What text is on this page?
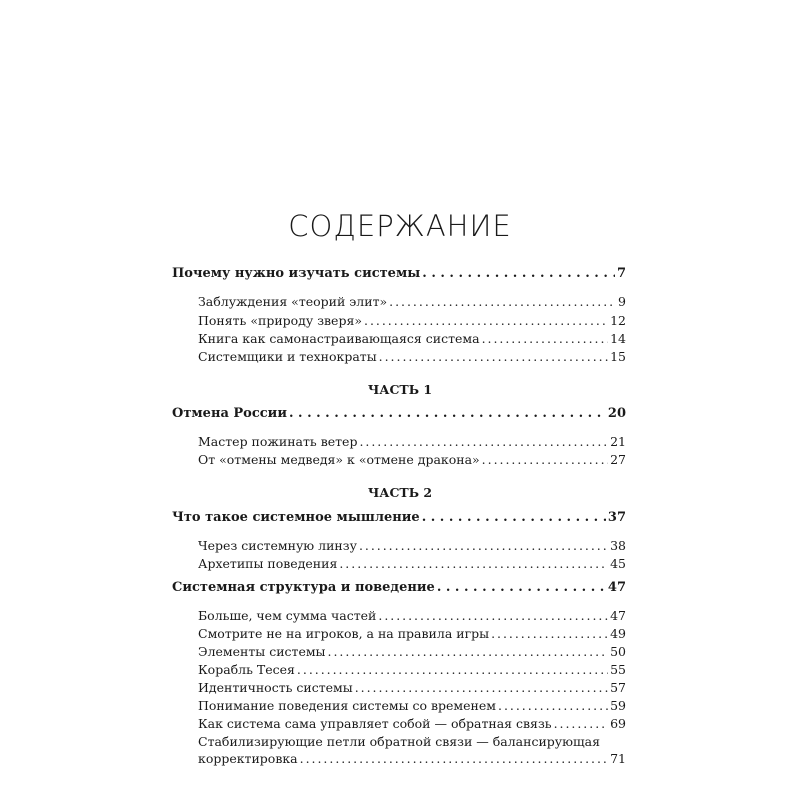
СОДЕРЖАНИЕ
Почему нужно изучать системы . . .	7
Заблуждения «теорий элит» . . .	9
Понять «природу зверя» . . .	12
Книга как самонастраивающаяся система . . .	14
Системщики и технократы . . .	15
ЧАСТЬ 1
Отмена России . . .	20
Мастер пожинать ветер . . .	21
От «отмены медведя» к «отмене дракона» . . .	27
ЧАСТЬ 2
Что такое системное мышление . . .	37
Через системную линзу . . .	38
Архетипы поведения . . .	45
Системная структура и поведение . . .	47
Больше, чем сумма частей . . .	47
Смотрите не на игроков, а на правила игры . . .	49
Элементы системы . . .	50
Корабль Тесея . . .	55
Идентичность системы . . .	57
Понимание поведения системы со временем . . .	59
Как система сама управляет собой — обратная связь . . .	69
Стабилизирующие петли обратной связи — балансирующая
корректировка . . .	71
